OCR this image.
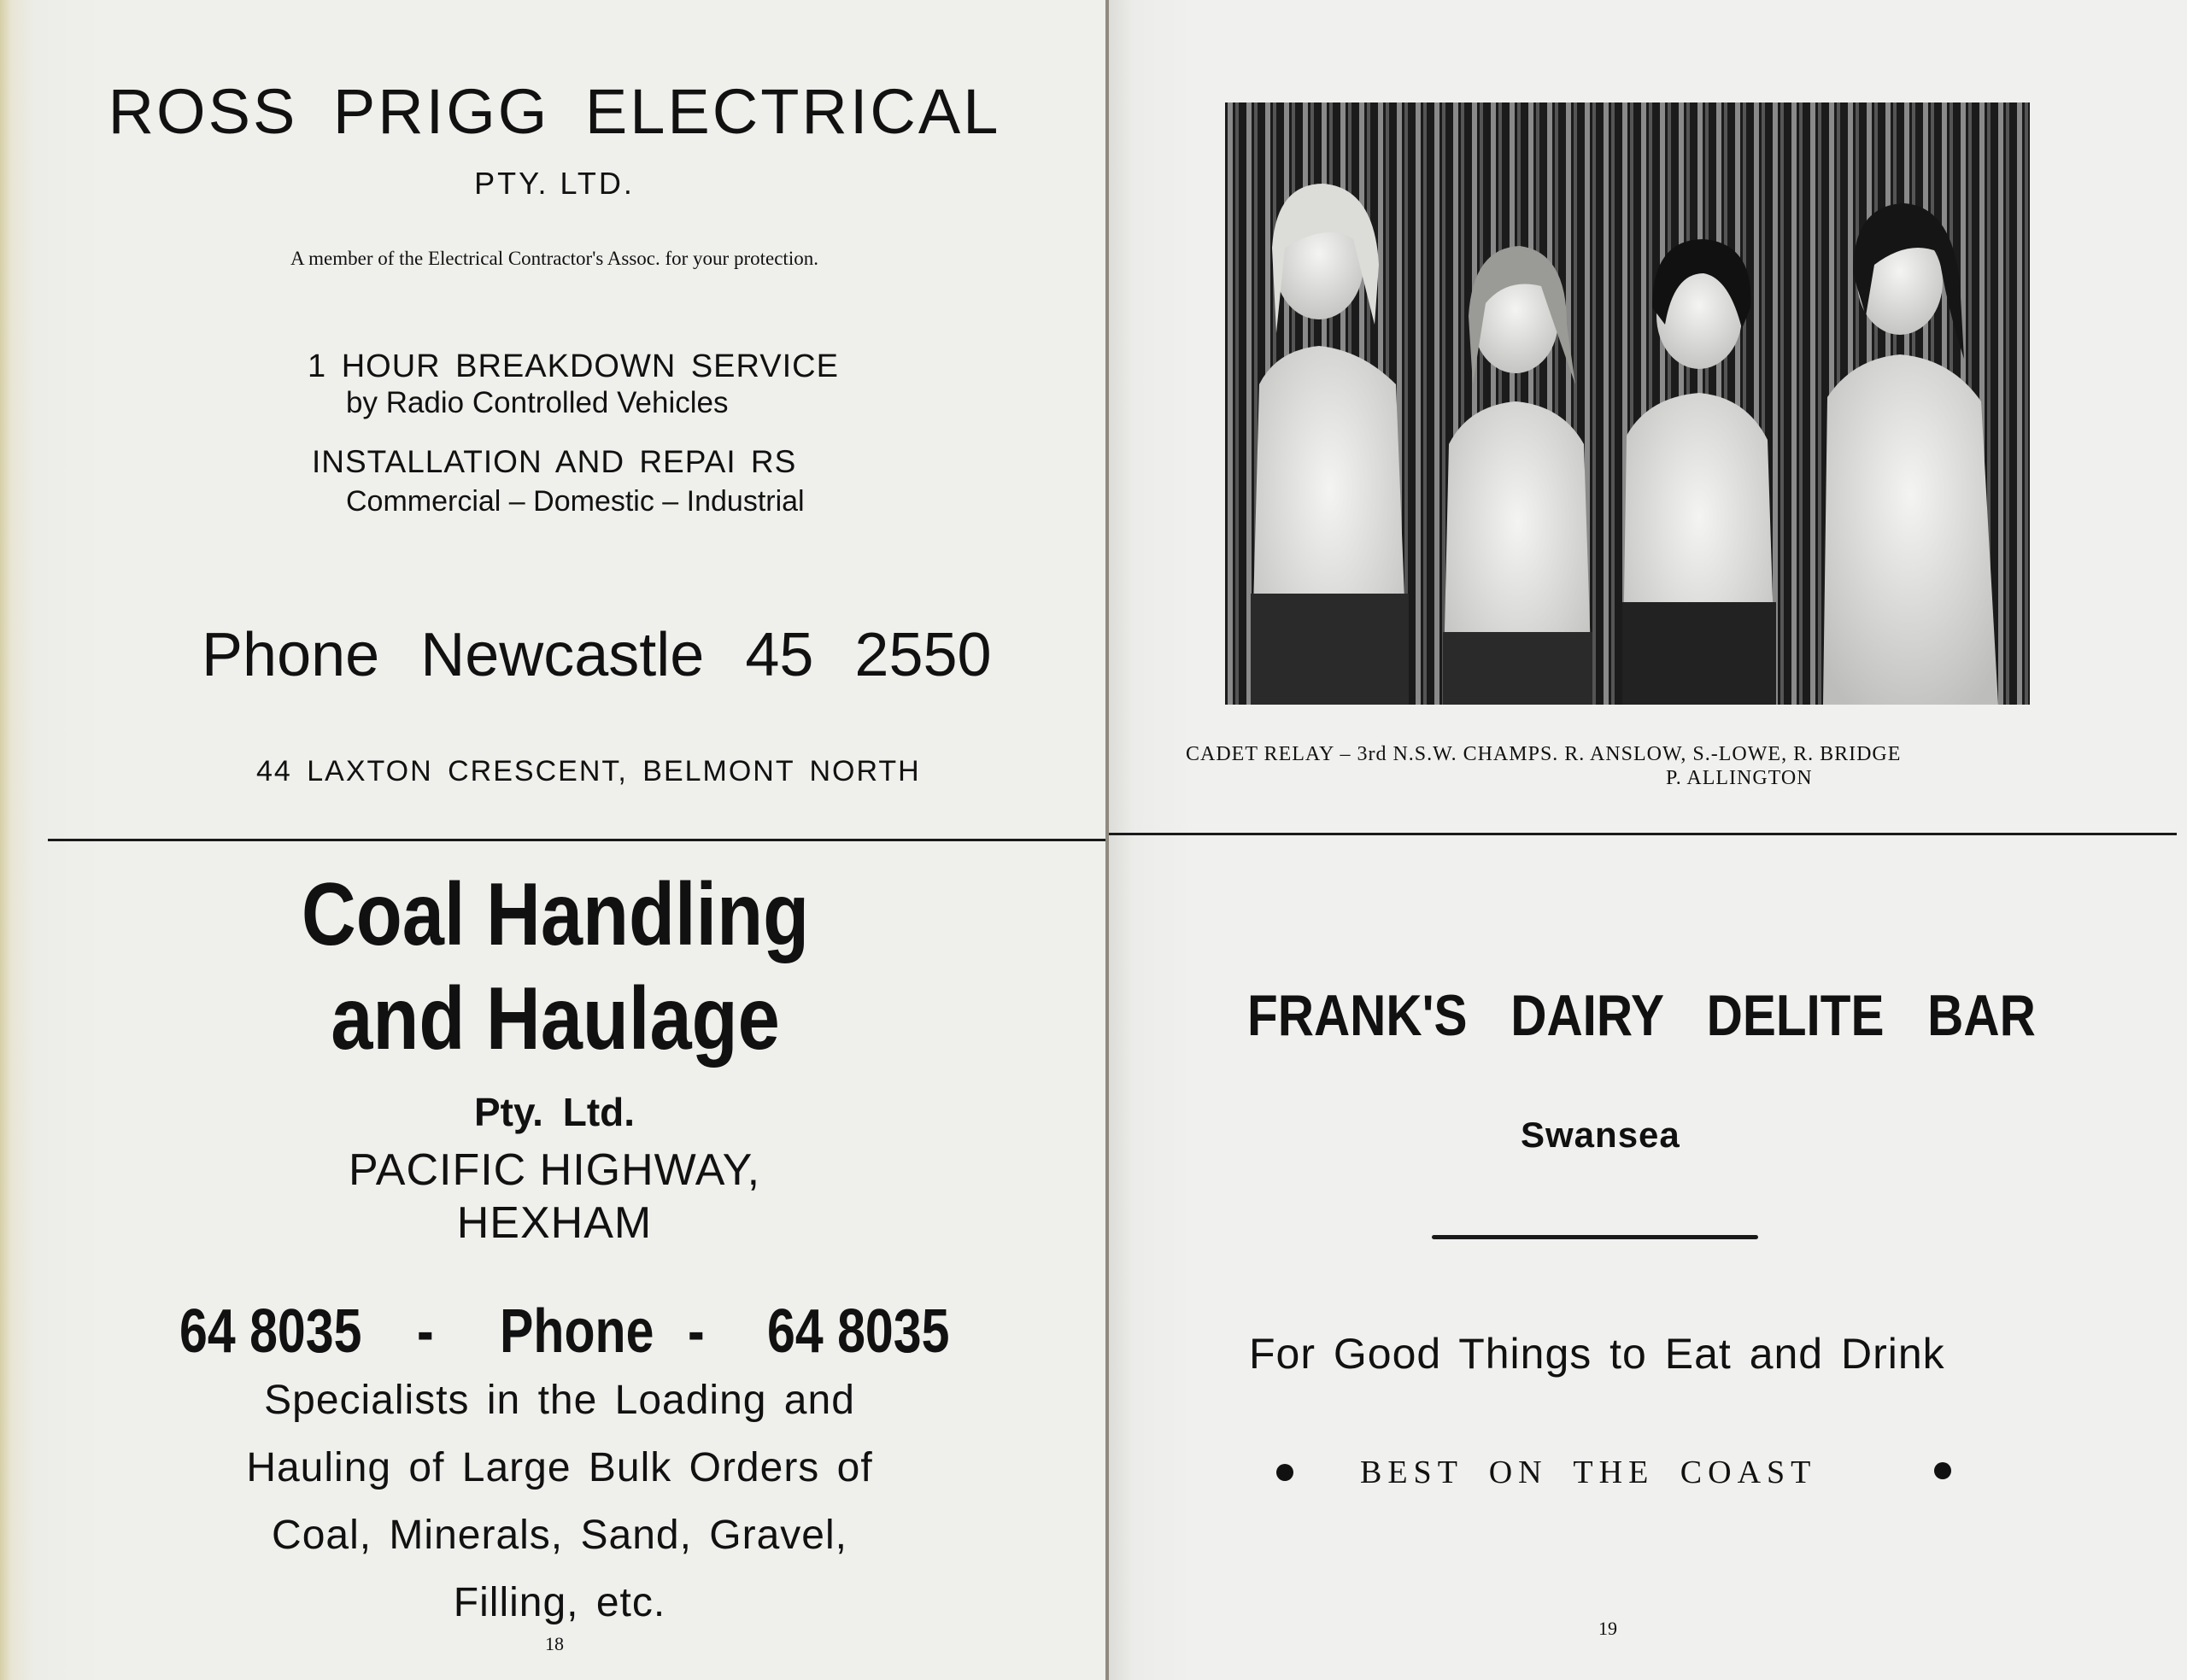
ROSS PRIGG ELECTRICAL
PTY. LTD.
A member of the Electrical Contractor's Assoc. for your protection.
1 HOUR BREAKDOWN SERVICE
by Radio Controlled Vehicles
INSTALLATION AND REPAI RS
Commercial – Domestic – Industrial
Phone Newcastle 45 2550
44 LAXTON CRESCENT, BELMONT NORTH
Coal Handling and Haulage
Pty. Ltd.
PACIFIC HIGHWAY,
HEXHAM
64 8035 - Phone - 64 8035
Specialists in the Loading and Hauling of Large Bulk Orders of Coal, Minerals, Sand, Gravel, Filling, etc.
18
CADET RELAY – 3rd N.S.W. CHAMPS. R. ANSLOW, S.-LOWE, R. BRIDGE
P. ALLINGTON
FRANK'S DAIRY DELITE BAR
Swansea
For Good Things to Eat and Drink
BEST ON THE COAST
19
